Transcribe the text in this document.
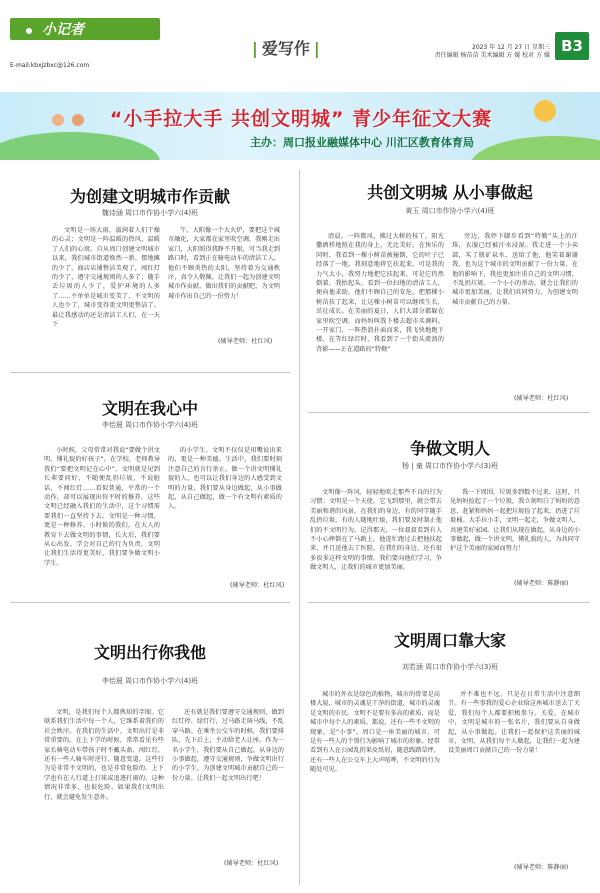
小记者
E-mail:kbxjzbxc@126.com
| 爱写作 |	2023 年 12 月 27 日 星期三
责任编辑 杨苗苗 美术编辑 方 媛 校对 方 媛
B3
“小手拉大手 共创文明城” 青少年征文大赛
主办：周口报业融媒体中心 川汇区教育体育局
为创建文明城市作贡献
魏诗涵 周口市作协小学六(4)班
文明是一场大雨，滋润着人们干燥的心灵；文明是一阵温暖的热风，温暖了人们的心窝。自从周口创建文明城市以来，我们城市街道焕然一新。摆地摊的少了，商店店铺整洁美观了，闯红灯的少了，遵守交通规则的人多了；随手丢垃圾的人少了，爱护环境的人多了……不单单是城市变美了，不文明的人也少了，城市变得更文明更整洁了。最让我感动的还是清洁工人们，在一天下
午，大阳像一个大火炉，要把这个城市融化，大家都在家里吹空调，我刚走出家门，大阳照得我睁不开眼，可当我走到路口时，看到正在骑电动车的清洁工人，他们不顾炎热的太阳，坚持着为交通秩序，真令人敬佩。让我们一起为创建文明城市作贡献，做出我们的贡献吧，为文明城市作出自己的一份努力！
(辅导老师：杜红风)
共创文明城 从小事做起
黄玉 周口市作协小学六(4)班
清晨，一阵微风，拂过大树的枝丫，阳光撒洒样地照在我的身上，无比美好。在快乐的同时，我看到一棵小树苗被撞倒，它的叶子已经落了一地。我刻意地将它扶起来，可是我的力气太小，我努力地把它扶起来，可是它仍然倒着，我抬起头，看到一位扫地的清洁工人，便向他求助。他们不顾自己的安危，把那棵小树苗扶了起来，让这棵小树苗可以继续生长，茁壮成长。在美丽的夏日，人们大部分都躲在家里吹空调，而妈妈叫我下楼去超市买调料。一开家门，一阵热浪扑面而来，我飞快地跑下楼，在等红绿灯时，我看到了一个街头流浪的背影——正在道路的“特勤”
旁边，我停下脚步看到“特勤”头上的汗珠，衣服已经被汗水浸湿。我走进一个小卖部，买了瓶矿泉水，送给了他，他笑着谢谢我，也为这个城市的文明贡献了一份力量，在他的影响下，我也更加注重自己的文明习惯，不乱扔垃圾。一个小小的举动，就会让我们的城市更加美丽，让我们共同努力，为创建文明城市贡献自己的力量。
(辅导老师：杜红风)
文明在我心中
李怡晨 周口市作协小学六(4)班
小时候，父母常常对我说“要做个讲文明、懂礼貌的好孩子”。在学校，老师教导我们“要把文明记在心中”。文明就是见到长辈要问好，不随便乱扔垃圾，不说脏话，不闯红灯……看似普通，平常的一个动作，却可以展现出你平时的修养，这些文明已经融入我们的生活中，这个习惯需要我们一直坚持下去。文明是一种习惯，更是一种修养。小时候的我们，在大人的教育下去做文明的事情，长大后，我们要从心出发，学会对自己的行为负责，文明让我们生活得更美好，我们要争做文明小学生。
的小学生。文明不仅仅是用嘴说出来的，更是一种美德。生活中，我们要时刻注意自己的言行举止，做一个讲文明懂礼貌的人，也可以让我们身边的人感受到文明的力量，我们要从身边做起，从小事做起，从自己做起，做一个有文明有素质的人。
(辅导老师：杜红风)
争做文明人
杨 | 童 周口市作协小学六(3)班
文明像一阵风，轻轻地吹走那些不良的行为习惯；文明是一个天使，它飞到那里，就会带去美丽和谐的风景。在我们的身边，有的同学随手乱扔垃圾，有的人随地吐痰，我们要及时制止他们的不文明行为。记得那天，一位叔叔看到有人不小心摔倒在了马路上，他连忙跑过去把他扶起来，并且送他去了医院。在我们的身边，还有很多很多这样文明的事情，我们要向他们学习，争做文明人，让我们的城市更加美丽。
我一下周围，垃圾多到数不过来。这时，只见妈妈捡起了一个垃圾，我立刻明白了妈妈的意思，赶紧和妈妈一起把垃圾捡了起来，扔进了垃圾桶。大手拉小手，文明一起走，争做文明人，共建美好家园。让我们从现在做起，从身边的小事做起，做一个讲文明、懂礼貌的人，为共同守护这个美丽的家园而努力！
(辅导老师：陈静丽)
文明出行你我他
李怡晨 周口市作协小学六(4)班
文明，是我们每个人都熟知的字眼。它联系我们生活中每一个人，它维系着我们的社会秩序。在我们的生活中，文明出行是非常重要的。在上下学的时候，常常看见有些家长骑电动车带孩子时不戴头盔、闯红灯，还有一些人骑车时逆行、随意变道，这些行为是非常不文明的，也是非常危险的。上下学也有在人行道上打球或追逐打闹的，这种情况非常多，也很危险。如果我们文明出行，就会避免发生意外。
还有就是我们要遵守交通规则，做到红灯停、绿灯行，过马路走斑马线，不乱穿马路。在乘坐公交车的时候，我们要排队，先下后上，主动给老人让座。作为一名小学生，我们要从自己做起，从身边的小事做起，遵守交通规则，争做文明出行的小学生，为创建文明城市贡献自己的一份力量。让我们一起文明出行吧！
(辅导老师：杜红风)
文明周口靠大家
刘若涵 周口市作协小学六(3)班
城市的外衣是绿色的植物，城市的骨架是高楼大厦，城市的灵魂是干净的街道，城市的灵魂是文明的市民。文明不是要有多高的素质，而是城市中每个人的素质。都说，还有一些不文明的现象，是“小事”。周口是一座美丽的城市，可是有一些人的个别行为影响了城市的形象。经常看到有人在公园乱扔果皮纸屑，随意践踏草坪，还有一些人在公交车上大声喧哗，不文明的行为随处可见。
并不难也不远，只是在日常生活中注意细节。有一些事我的爱心企业给这座城市送去了关爱，我们每个人都要积极参与。关爱，在城市中，文明是城市的一张名片，我们要从自身做起，从小事做起。让我们一起保护这美丽的城市，文明，从我们每个人做起，让我们一起为建设美丽周口贡献自己的一份力量！
(辅导老师：陈静丽)
